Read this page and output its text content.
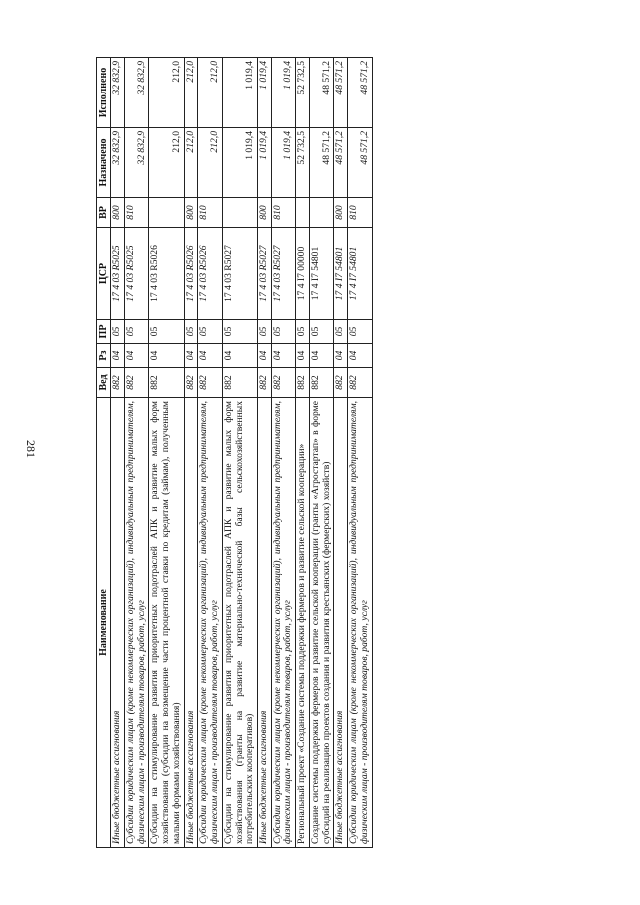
281
Наименование	Вед	Рз	ПР	ЦСР	ВР	Назначено	Исполнено
Иные бюджетные ассигнования	882	04	05	17 4 03 R5025	800	32 832,9	32 832,9
Субсидии юридическим лицам (кроме некоммерческих организаций), индивидуальным предпринимателям, физическим лицам - производителям товаров, работ, услуг	882	04	05	17 4 03 R5025	810	32 832,9	32 832,9
Субсидии на стимулирование развития приоритетных подотраслей АПК и развитие малых форм хозяйствования (субсидии на возмещение части процентной ставки по кредитам (займам), полученным малыми формами хозяйствования)	882	04	05	17 4 03 R5026		212,0	212,0
Иные бюджетные ассигнования	882	04	05	17 4 03 R5026	800	212,0	212,0
Субсидии юридическим лицам (кроме некоммерческих организаций), индивидуальным предпринимателям, физическим лицам - производителям товаров, работ, услуг	882	04	05	17 4 03 R5026	810	212,0	212,0
Субсидии на стимулирование развития приоритетных подотраслей АПК и развитие малых форм хозяйствования (гранты на развитие материально-технической базы сельскохозяйственных потребительских кооперативов)	882	04	05	17 4 03 R5027		1 019,4	1 019,4
Иные бюджетные ассигнования	882	04	05	17 4 03 R5027	800	1 019,4	1 019,4
Субсидии юридическим лицам (кроме некоммерческих организаций), индивидуальным предпринимателям, физическим лицам - производителям товаров, работ, услуг	882	04	05	17 4 03 R5027	810	1 019,4	1 019,4
Региональный проект «Создание системы поддержки фермеров и развитие сельской кооперации»	882	04	05	17 4 I7 00000		52 732,5	52 732,5
Создание системы поддержки фермеров и развитие сельской кооперации (гранты «Агростартап» в форме субсидий на реализацию проектов создания и развития крестьянских (фермерских) хозяйств)	882	04	05	17 4 I7 54801		48 571,2	48 571,2
Иные бюджетные ассигнования	882	04	05	17 4 I7 54801	800	48 571,2	48 571,2
Субсидии юридическим лицам (кроме некоммерческих организаций), индивидуальным предпринимателям, физическим лицам - производителям товаров, работ, услуг	882	04	05	17 4 I7 54801	810	48 571,2	48 571,2
